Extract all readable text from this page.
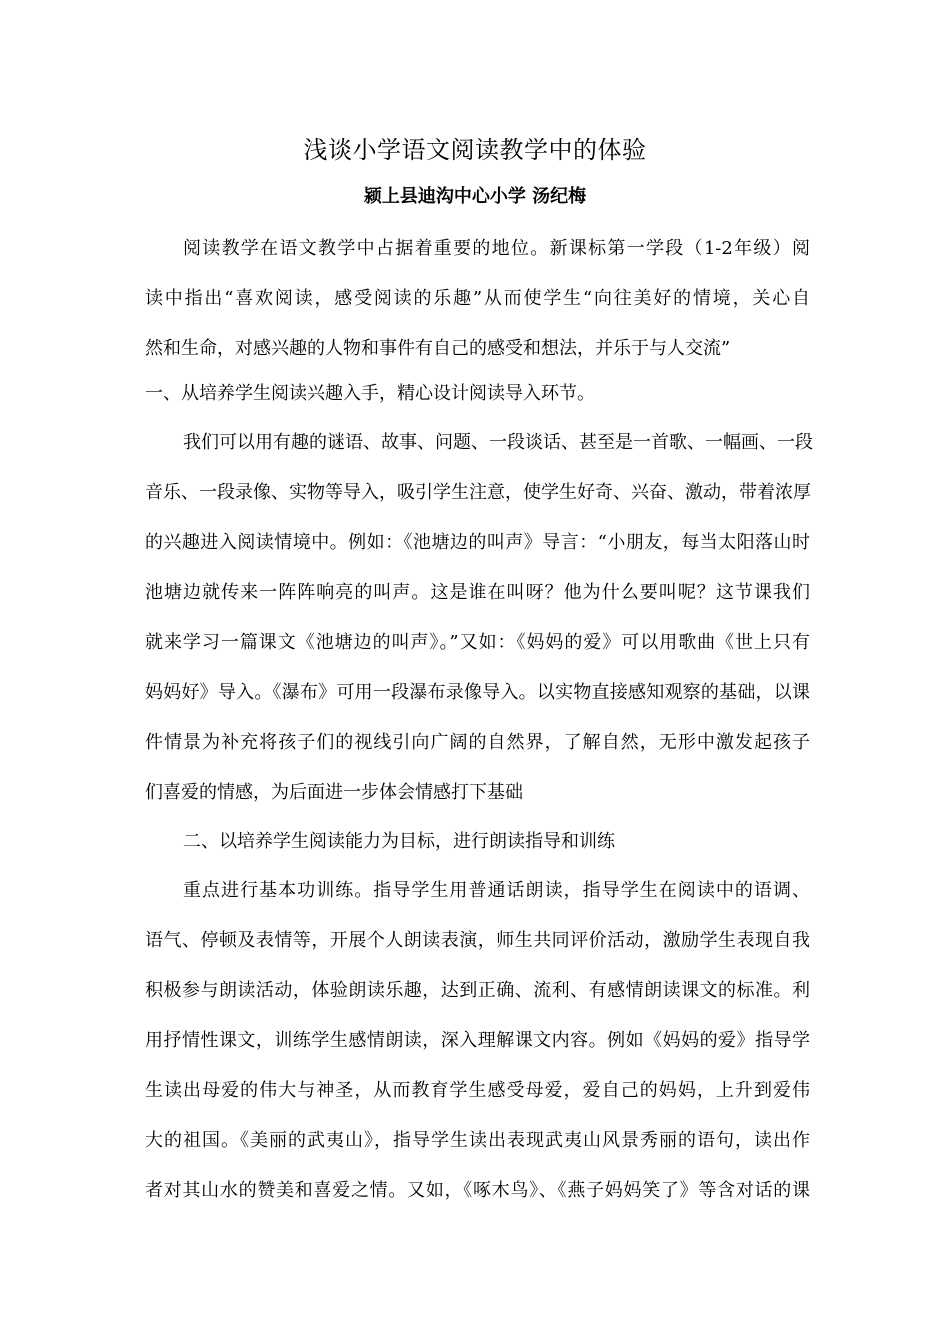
浅谈小学语文阅读教学中的体验
颍上县迪沟中心小学 汤纪梅
阅读教学在语文教学中占据着重要的地位。新课标第一学段（1-2年级）阅
读中指出“喜欢阅读，感受阅读的乐趣”从而使学生“向往美好的情境，关心自
然和生命，对感兴趣的人物和事件有自己的感受和想法，并乐于与人交流”
一、从培养学生阅读兴趣入手，精心设计阅读导入环节。
我们可以用有趣的谜语、故事、问题、一段谈话、甚至是一首歌、一幅画、一段
音乐、一段录像、实物等导入，吸引学生注意，使学生好奇、兴奋、激动，带着浓厚
的兴趣进入阅读情境中。例如：《池塘边的叫声》导言：“小朋友，每当太阳落山时
池塘边就传来一阵阵响亮的叫声。这是谁在叫呀？他为什么要叫呢？这节课我们
就来学习一篇课文《池塘边的叫声》。”又如：《妈妈的爱》可以用歌曲《世上只有
妈妈好》导入。《瀑布》可用一段瀑布录像导入。以实物直接感知观察的基础，以课
件情景为补充将孩子们的视线引向广阔的自然界，了解自然，无形中激发起孩子
们喜爱的情感，为后面进一步体会情感打下基础
二、以培养学生阅读能力为目标，进行朗读指导和训练
重点进行基本功训练。指导学生用普通话朗读，指导学生在阅读中的语调、
语气、停顿及表情等，开展个人朗读表演，师生共同评价活动，激励学生表现自我
积极参与朗读活动，体验朗读乐趣，达到正确、流利、有感情朗读课文的标准。利
用抒情性课文，训练学生感情朗读，深入理解课文内容。例如《妈妈的爱》指导学
生读出母爱的伟大与神圣，从而教育学生感受母爱，爱自己的妈妈，上升到爱伟
大的祖国。《美丽的武夷山》，指导学生读出表现武夷山风景秀丽的语句，读出作
者对其山水的赞美和喜爱之情。又如，《啄木鸟》、《燕子妈妈笑了》等含对话的课
